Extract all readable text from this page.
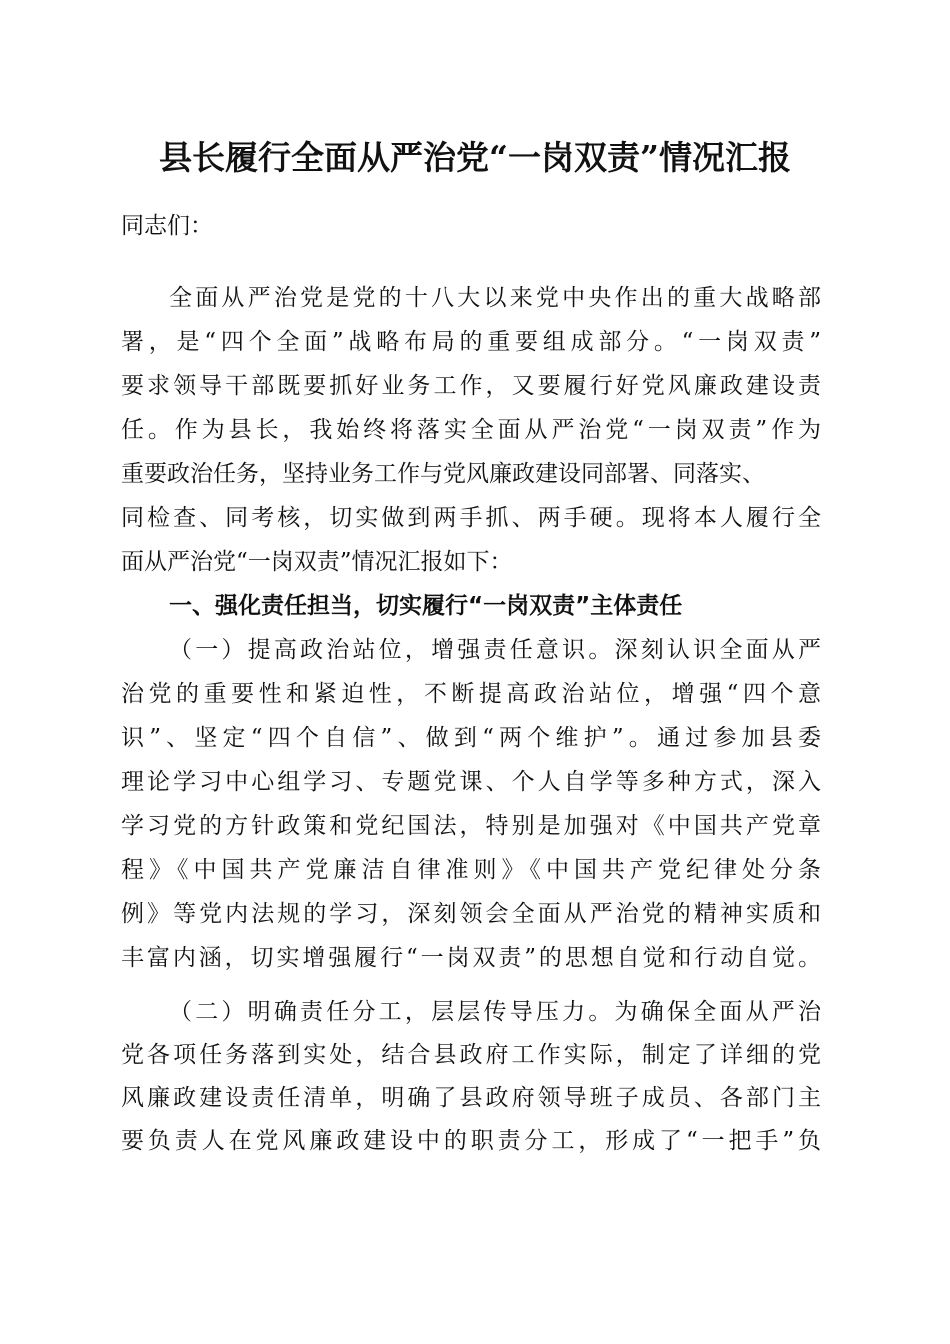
县长履行全面从严治党“一岗双责”情况汇报
同志们：
全面从严治党是党的十八大以来党中央作出的重大战略部
署，是“四个全面”战略布局的重要组成部分。“一岗双责”
要求领导干部既要抓好业务工作，又要履行好党风廉政建设责
任。作为县长，我始终将落实全面从严治党“一岗双责”作为
重要政治任务，坚持业务工作与党风廉政建设同部署、同落实、
同检查、同考核，切实做到两手抓、两手硬。现将本人履行全
面从严治党“一岗双责”情况汇报如下：
一、强化责任担当，切实履行“一岗双责”主体责任
（一）提高政治站位，增强责任意识。深刻认识全面从严
治党的重要性和紧迫性，不断提高政治站位，增强“四个意
识”、坚定“四个自信”、做到“两个维护”。通过参加县委
理论学习中心组学习、专题党课、个人自学等多种方式，深入
学习党的方针政策和党纪国法，特别是加强对《中国共产党章
程》《中国共产党廉洁自律准则》《中国共产党纪律处分条
例》等党内法规的学习，深刻领会全面从严治党的精神实质和
丰富内涵，切实增强履行“一岗双责”的思想自觉和行动自觉。
（二）明确责任分工，层层传导压力。为确保全面从严治
党各项任务落到实处，结合县政府工作实际，制定了详细的党
风廉政建设责任清单，明确了县政府领导班子成员、各部门主
要负责人在党风廉政建设中的职责分工，形成了“一把手”负
